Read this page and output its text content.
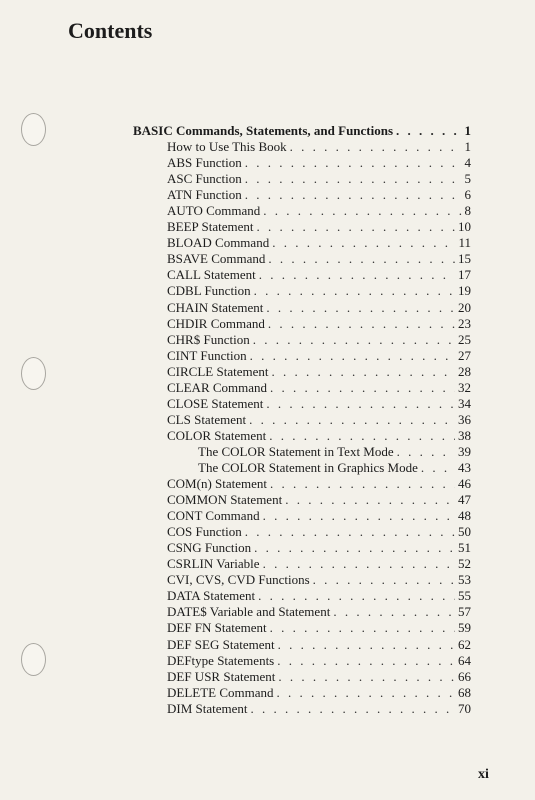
Contents
BASIC Commands, Statements, and Functions . . .	1
How to Use This Book . . .	1
ABS Function . . .	4
ASC Function . . .	5
ATN Function . . .	6
AUTO Command . . .	8
BEEP Statement . . .	10
BLOAD Command . . .	11
BSAVE Command . . .	15
CALL Statement . . .	17
CDBL Function . . .	19
CHAIN Statement . . .	20
CHDIR Command . . .	23
CHR$ Function . . .	25
CINT Function . . .	27
CIRCLE Statement . . .	28
CLEAR Command . . .	32
CLOSE Statement . . .	34
CLS Statement . . .	36
COLOR Statement . . .	38
The COLOR Statement in Text Mode . . .	39
The COLOR Statement in Graphics Mode . . .	43
COM(n) Statement . . .	46
COMMON Statement . . .	47
CONT Command . . .	48
COS Function . . .	50
CSNG Function . . .	51
CSRLIN Variable . . .	52
CVI, CVS, CVD Functions . . .	53
DATA Statement . . .	55
DATE$ Variable and Statement . . .	57
DEF FN Statement . . .	59
DEF SEG Statement . . .	62
DEFtype Statements . . .	64
DEF USR Statement . . .	66
DELETE Command . . .	68
DIM Statement . . .	70
xi
